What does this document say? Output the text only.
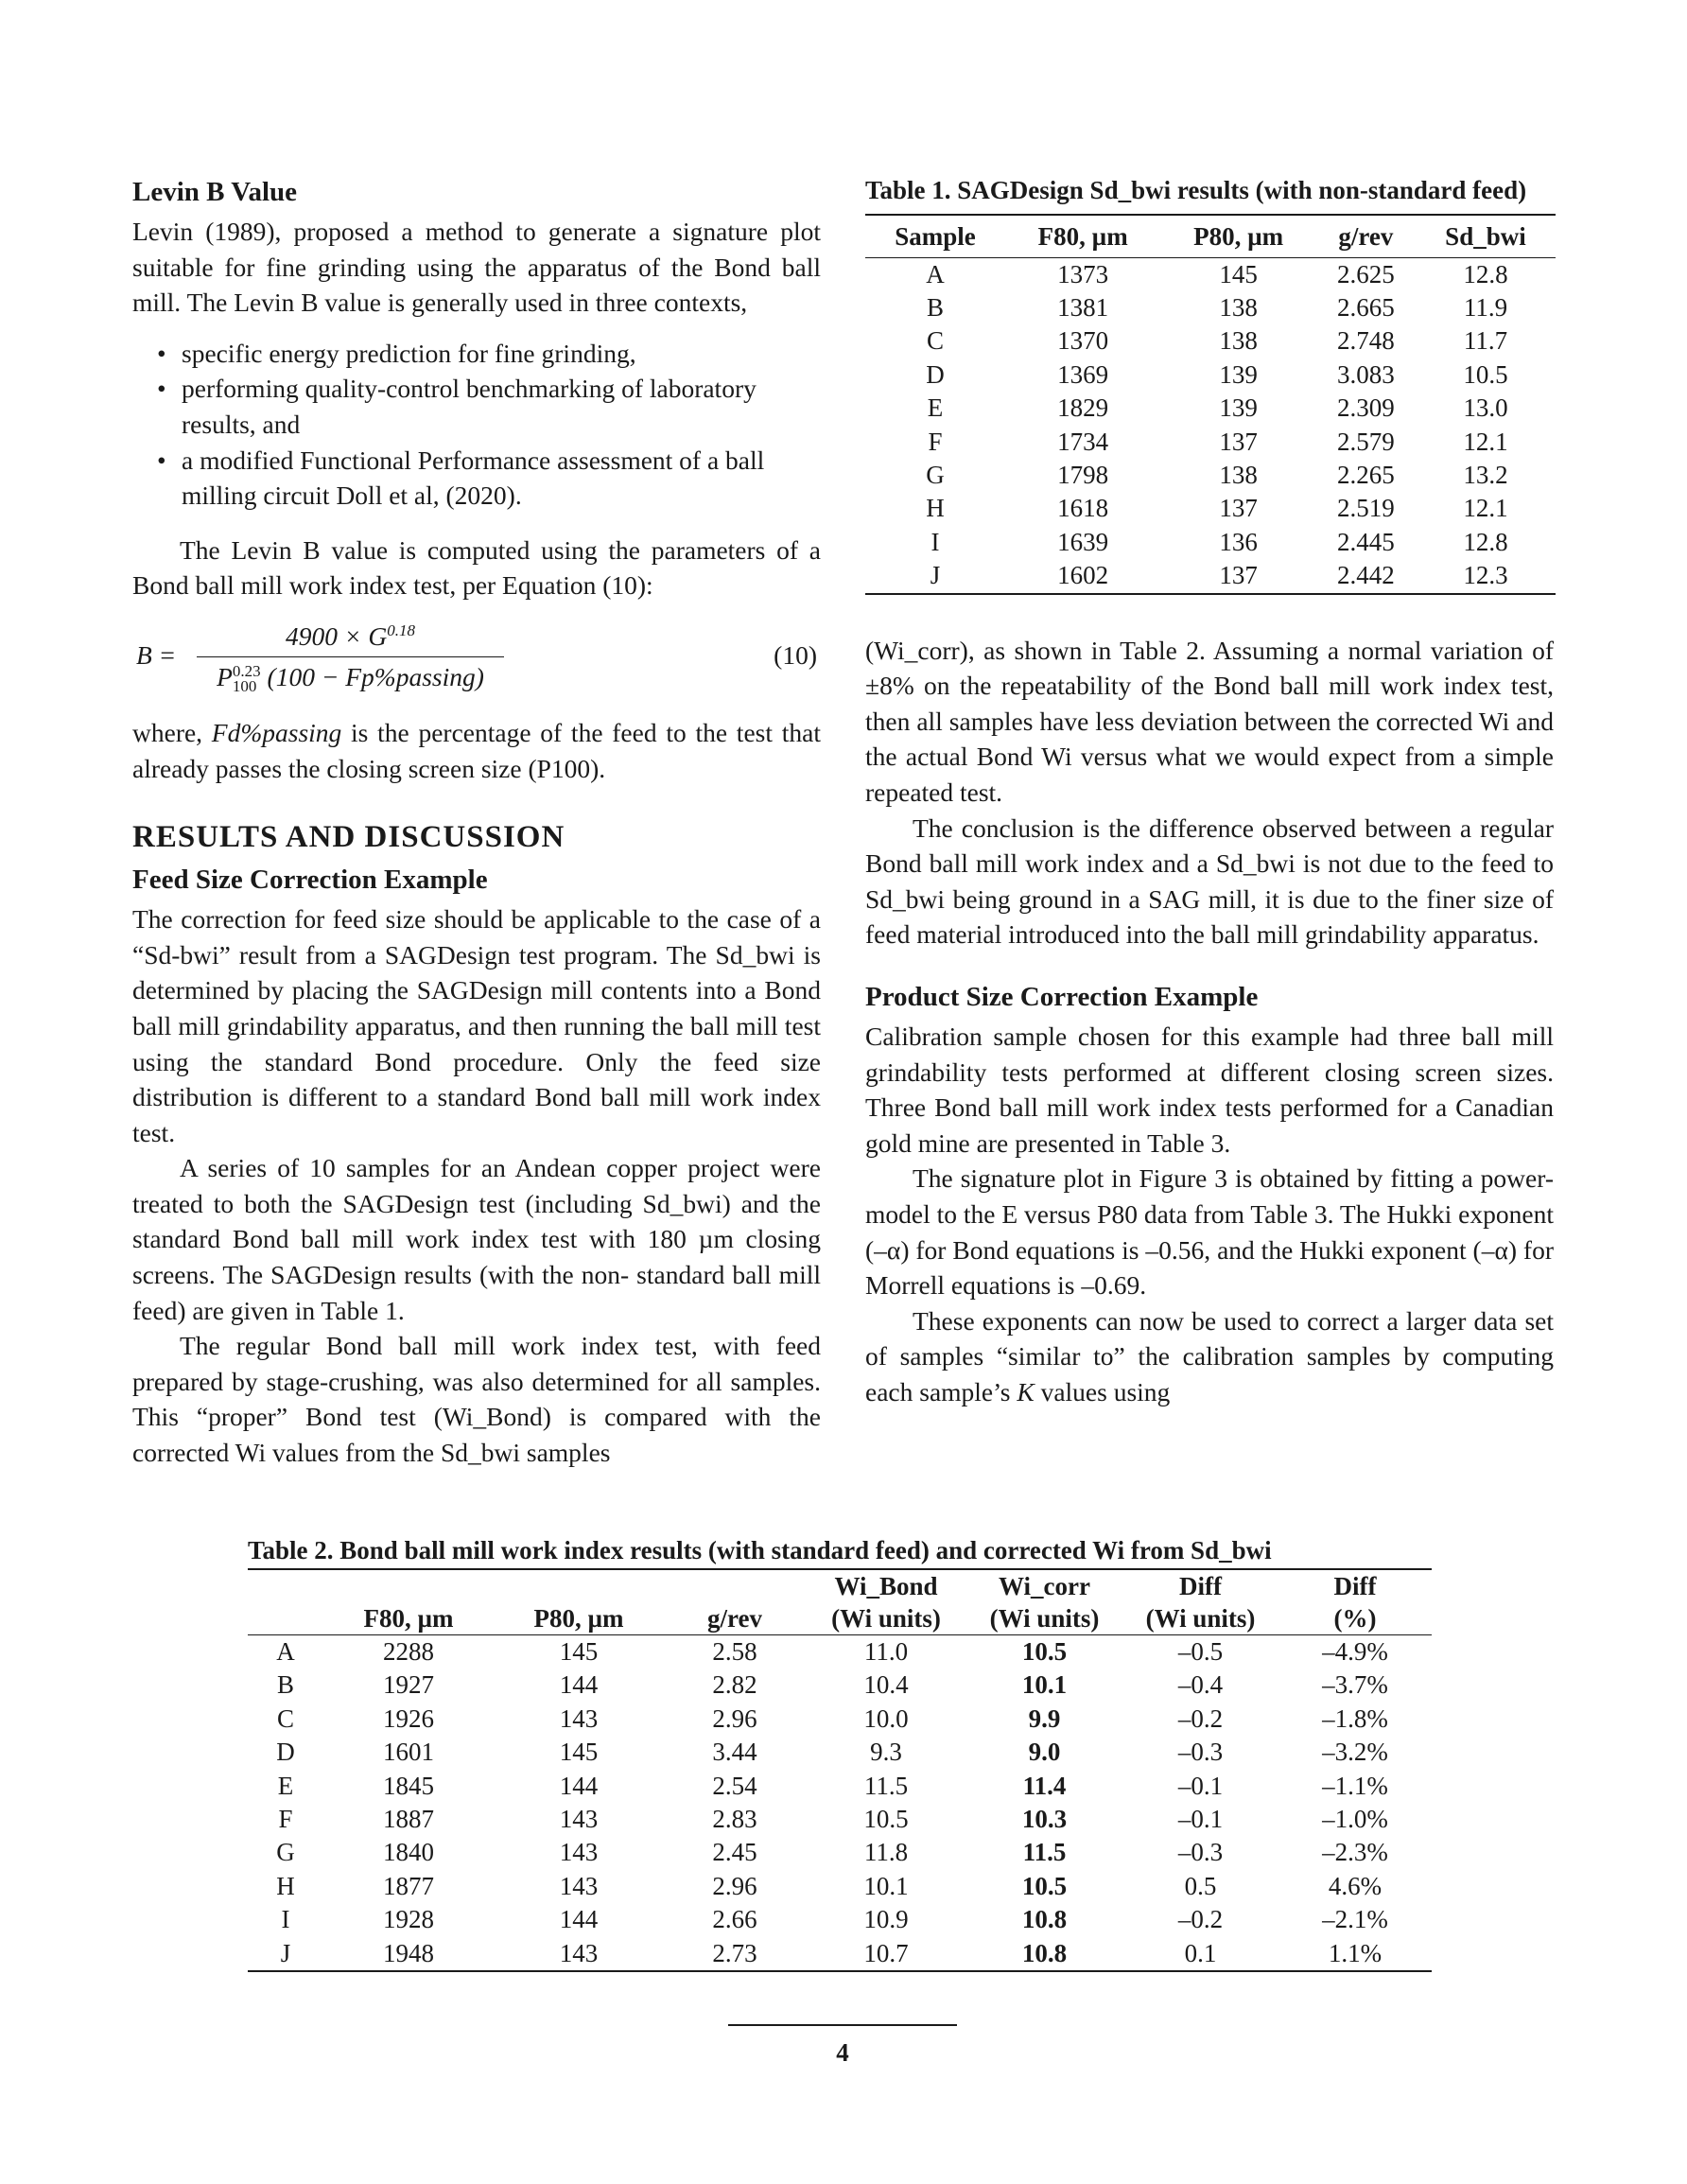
Levin B Value

Levin (1989), proposed a method to generate a signature plot suitable for fine grinding using the apparatus of the Bond ball mill. The Levin B value is generally used in three contexts,

• specific energy prediction for fine grinding,
• performing quality-control benchmarking of laboratory results, and
• a modified Functional Performance assessment of a ball milling circuit Doll et al, (2020).

The Levin B value is computed using the parameters of a Bond ball mill work index test, per Equation (10):

B =
$4900 \times G^{0.18}$
P 0.23
100 (100 − Fp%passing)
(10)

where, Fd%passing is the percentage of the feed to the test that already passes the closing screen size (P100).

RESULTS AND DISCUSSION

Feed Size Correction Example

The correction for feed size should be applicable to the case of a “Sd-bwi” result from a SAGDesign test program. The Sd_bwi is determined by placing the SAGDesign mill contents into a Bond ball mill grindability apparatus, and then running the ball mill test using the standard Bond procedure. Only the feed size distribution is different to a standard Bond ball mill work index test.

A series of 10 samples for an Andean copper project were treated to both the SAGDesign test (including Sd_bwi) and the standard Bond ball mill work index test with 180 µm closing screens. The SAGDesign results (with the non- standard ball mill feed) are given in Table 1.

The regular Bond ball mill work index test, with feed prepared by stage-crushing, was also determined for all samples. This “proper” Bond test (Wi_Bond) is compared with the corrected Wi values from the Sd_bwi samples

Table 1. SAGDesign Sd_bwi results (with non-standard feed)

Sample	F80, µm	P80, µm	g/rev	Sd_bwi
A	1373	145	2.625	12.8
B	1381	138	2.665	11.9
C	1370	138	2.748	11.7
D	1369	139	3.083	10.5
E	1829	139	2.309	13.0
F	1734	137	2.579	12.1
G	1798	138	2.265	13.2
H	1618	137	2.519	12.1
I	1639	136	2.445	12.8
J	1602	137	2.442	12.3

(Wi_corr), as shown in Table 2. Assuming a normal variation of ±8% on the repeatability of the Bond ball mill work index test, then all samples have less deviation between the corrected Wi and the actual Bond Wi versus what we would expect from a simple repeated test.

The conclusion is the difference observed between a regular Bond ball mill work index and a Sd_bwi is not due to the feed to Sd_bwi being ground in a SAG mill, it is due to the finer size of feed material introduced into the ball mill grindability apparatus.

Product Size Correction Example

Calibration sample chosen for this example had three ball mill grindability tests performed at different closing screen sizes. Three Bond ball mill work index tests performed for a Canadian gold mine are presented in Table 3.

The signature plot in Figure 3 is obtained by fitting a power-model to the E versus P80 data from Table 3. The Hukki exponent (–α) for Bond equations is –0.56, and the Hukki exponent (–α) for Morrell equations is –0.69.

These exponents can now be used to correct a larger data set of samples “similar to” the calibration samples by computing each sample’s K values using

Table 2. Bond ball mill work index results (with standard feed) and corrected Wi from Sd_bwi

				Wi_Bond	Wi_corr	Diff	Diff
	F80, µm	P80, µm	g/rev	(Wi units)	(Wi units)	(Wi units)	(%)
A	2288	145	2.58	11.0	10.5	–0.5	–4.9%
B	1927	144	2.82	10.4	10.1	–0.4	–3.7%
C	1926	143	2.96	10.0	9.9	–0.2	–1.8%
D	1601	145	3.44	9.3	9.0	–0.3	–3.2%
E	1845	144	2.54	11.5	11.4	–0.1	–1.1%
F	1887	143	2.83	10.5	10.3	–0.1	–1.0%
G	1840	143	2.45	11.8	11.5	–0.3	–2.3%
H	1877	143	2.96	10.1	10.5	0.5	4.6%
I	1928	144	2.66	10.9	10.8	–0.2	–2.1%
J	1948	143	2.73	10.7	10.8	0.1	1.1%
4
